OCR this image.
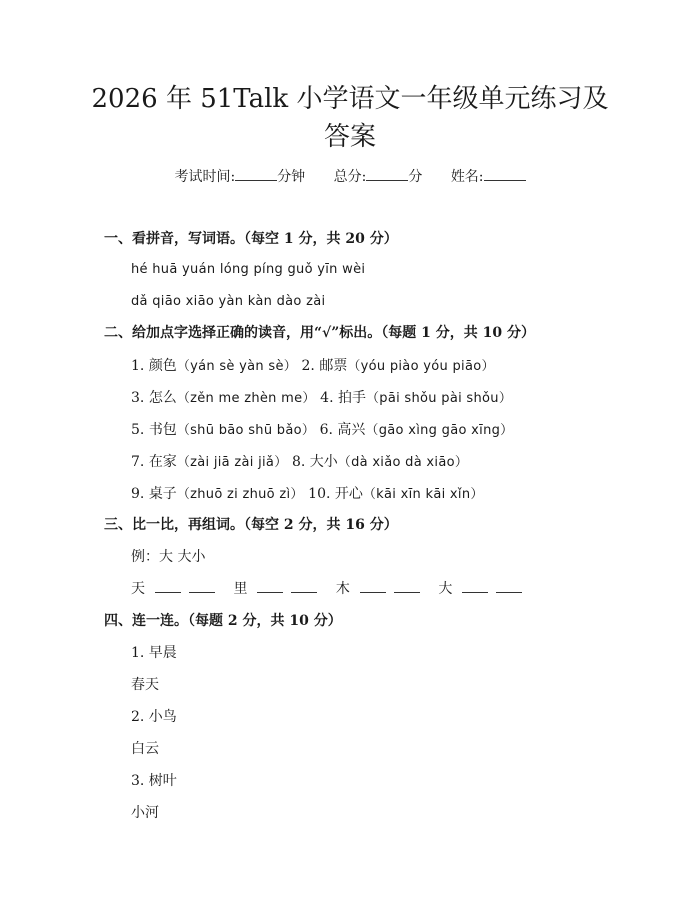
2026 年 51Talk 小学语文一年级单元练习及
答案
考试时间:	分钟 总分:	分 姓名:
一、看拼音，写词语。（每空 1 分，共 20 分）
hé huā yuán lóng píng guǒ yīn wèi
dǎ qiāo xiāo yàn kàn dào zài
二、给加点字选择正确的读音，用“√”标出。（每题 1 分，共 10 分）
1. 颜色（yán sè yàn sè） 2. 邮票（yóu piào yóu piāo）
3. 怎么（zěn me zhèn me） 4. 拍手（pāi shǒu pài shǒu）
5. 书包（shū bāo shū bǎo） 6. 高兴（gāo xìng gāo xīng）
7. 在家（zài jiā zài jiǎ） 8. 大小（dà xiǎo dà xiāo）
9. 桌子（zhuō zi zhuō zì） 10. 开心（kāi xīn kāi xǐn）
三、比一比，再组词。（每空 2 分，共 16 分）
例：大 大小
天	里	木	大
四、连一连。（每题 2 分，共 10 分）
1. 早晨
春天
2. 小鸟
白云
3. 树叶
小河
